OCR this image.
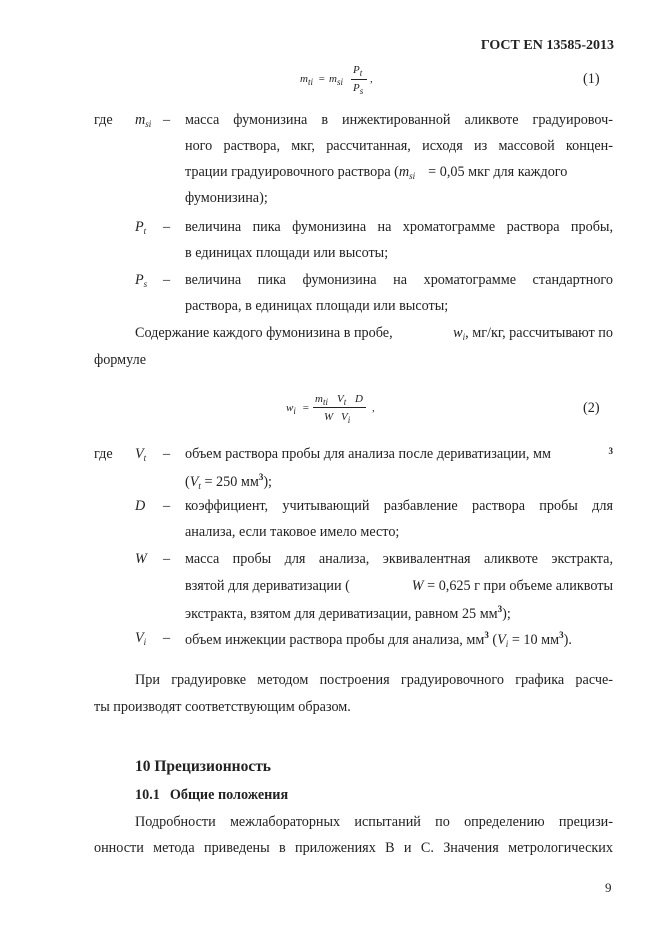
ГОСТ EN 13585-2013
$m_{ti} = m_{si}$
$P_t$
$P_s$
,	(1)
где $m_{si}$ – масса фумонизина в инжектированной аликвоте градуировоч-
ного раствора, мкг, рассчитанная, исходя из массовой концен-
трации градуировочного раствора ($m_{si} = 0,05$ мкг для каждого
фумонизина);
$P_t$ – величина пика фумонизина на хроматограмме раствора пробы,
в единицах площади или высоты;
$P_s$ – величина пика фумонизина на хроматограмме стандартного
раствора, в единицах площади или высоты;
Содержание каждого фумонизина в пробе,	$w_i$, мг/кг, рассчитывают по
формуле
$w_i$ =
$m_{ti}$ $V_t$ D
W $V_i$
,	(2)
где $V_t$ – объем раствора пробы для анализа после дериватизации, мм	3
($V_t = 250$ $мм^3$);
D – коэффициент, учитывающий разбавление раствора пробы для
анализа, если таковое имело место;
W – масса пробы для анализа, эквивалентная аликвоте экстракта,
взятой для дериватизации (	W = 0,625 г при объеме аликвоты
экстракта, взятом для дериватизации, равном 25 $мм^3$);
$V_i$ – объем инжекции раствора пробы для анализа, $мм^3$ ($V_i = 10$ $мм^3$).
При градуировке методом построения градуировочного графика расче-
ты производят соответствующим образом.
10 Прецизионность
10.1 Общие положения
Подробности межлабораторных испытаний по определению прецизи-
онности метода приведены в приложениях В и С. Значения метрологических
9
